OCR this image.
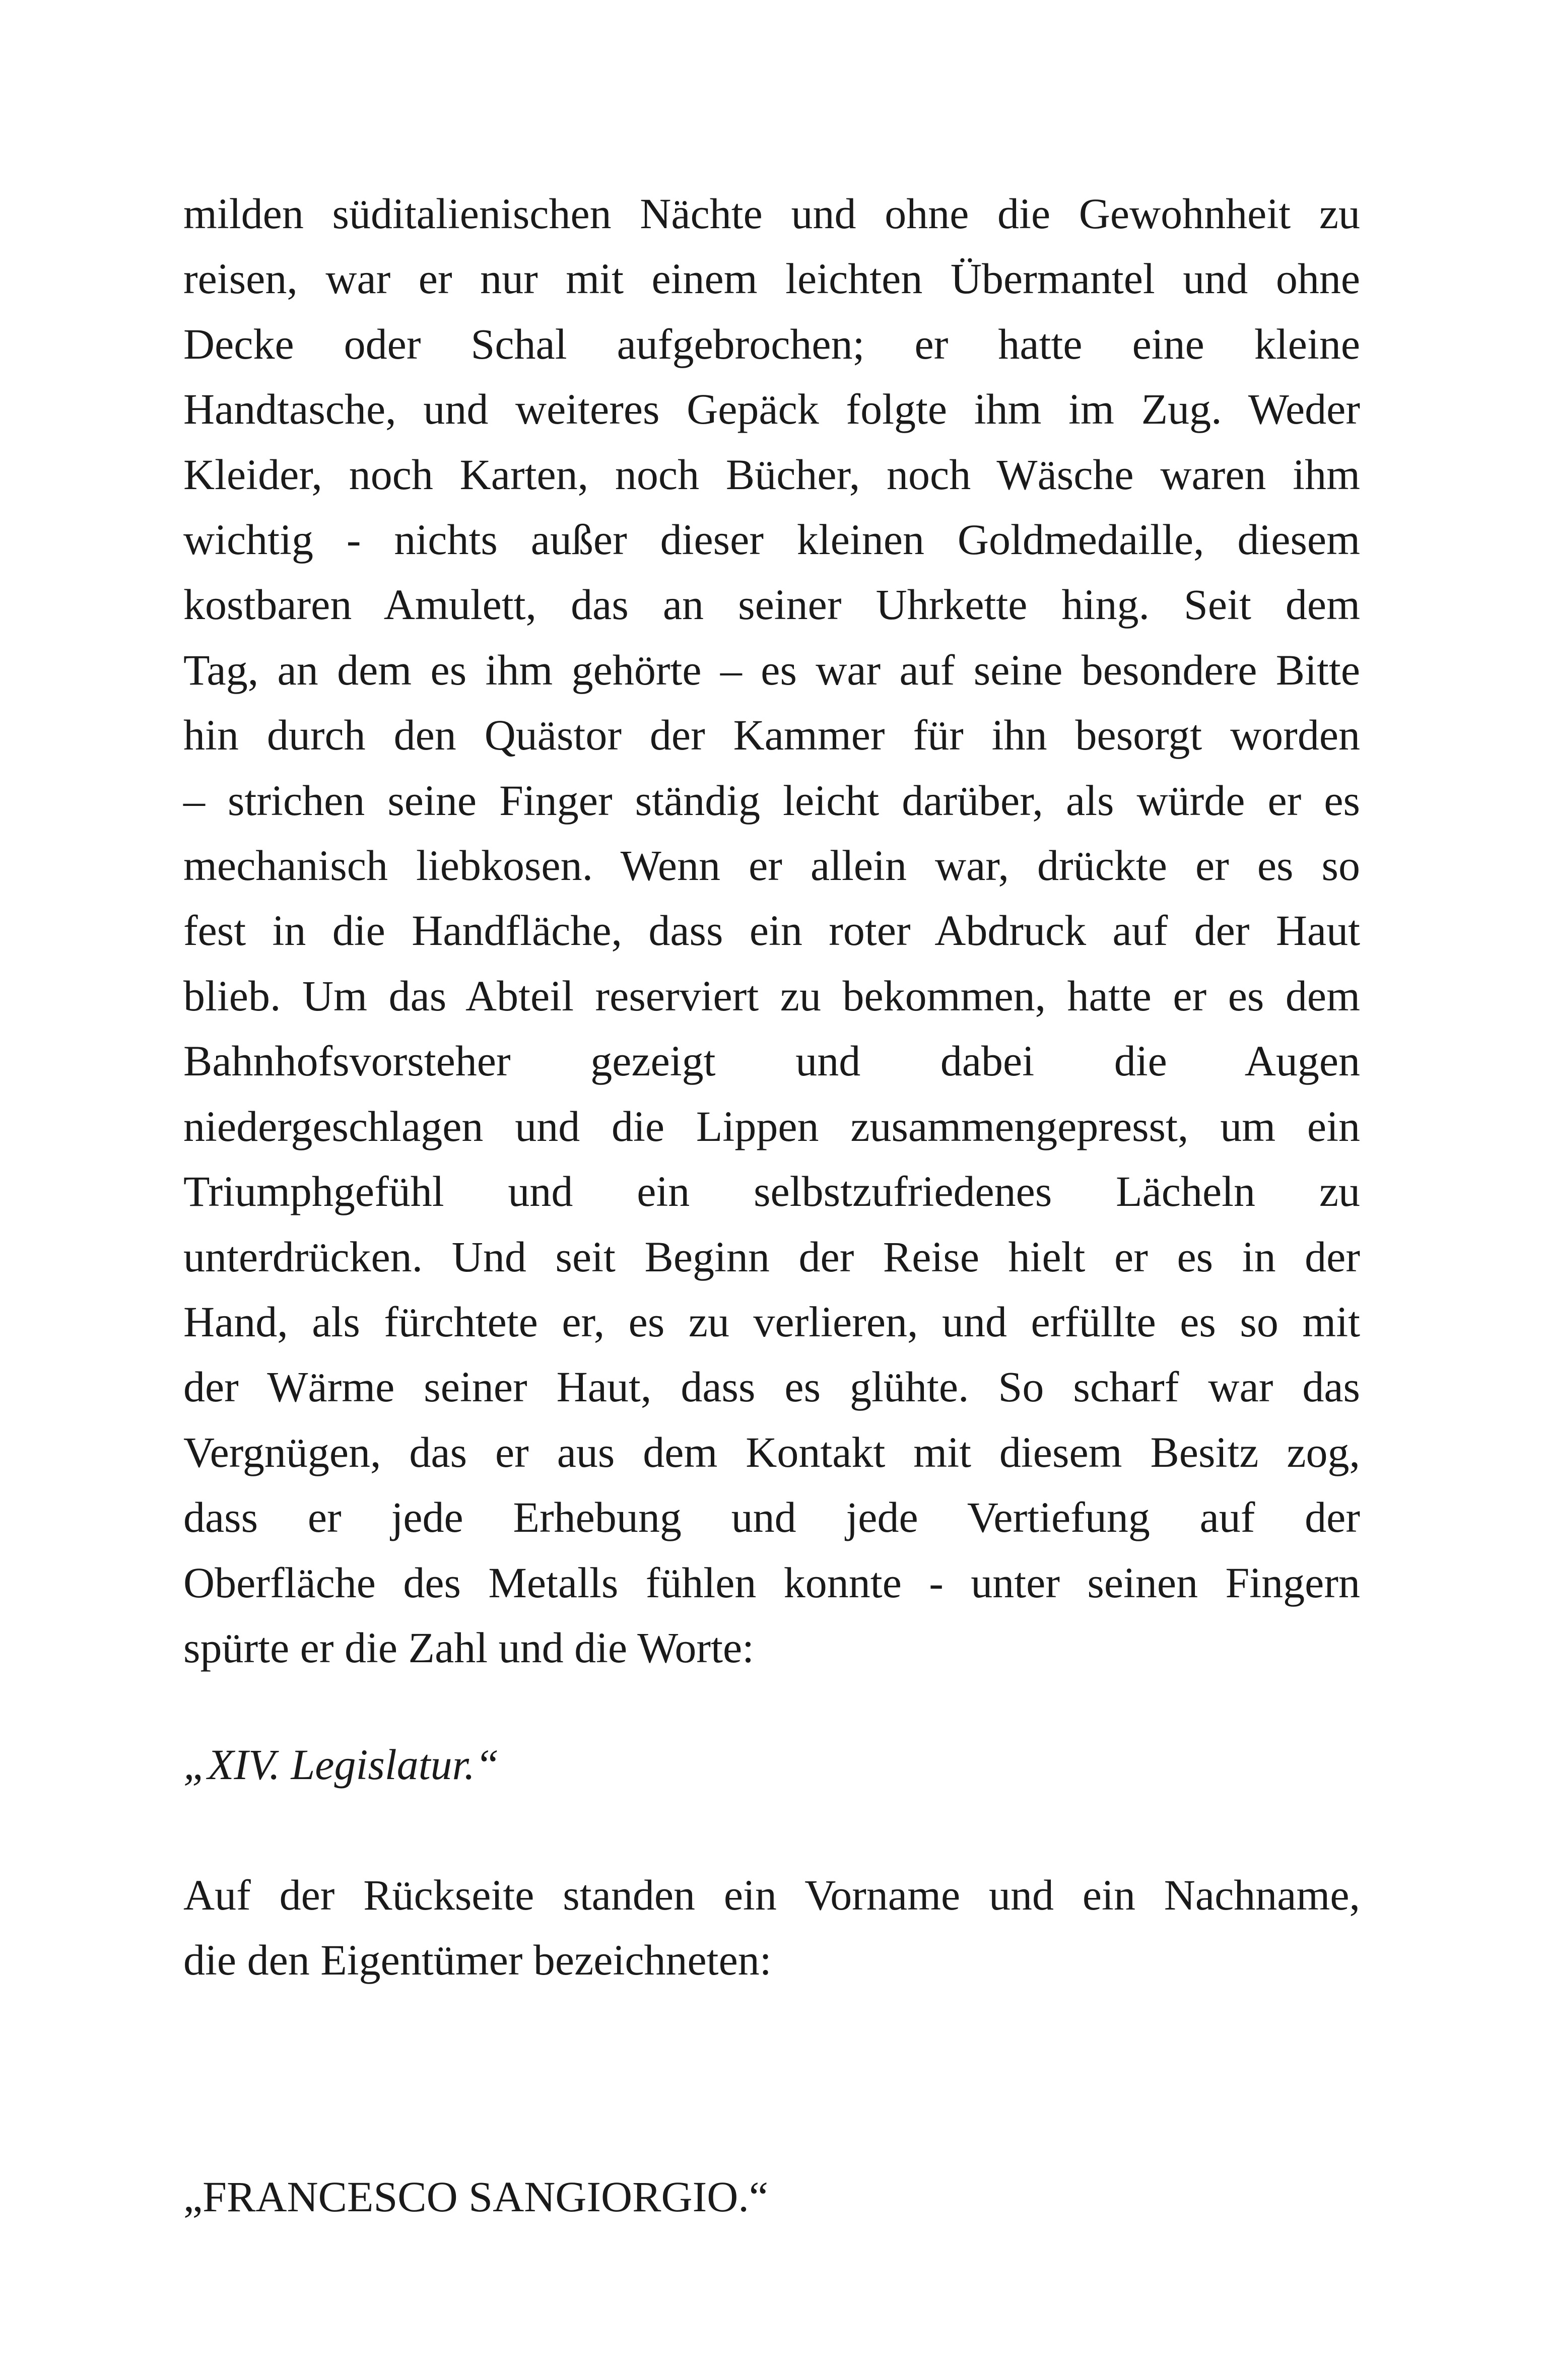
milden süditalienischen Nächte und ohne die Gewohnheit zu
reisen, war er nur mit einem leichten Übermantel und ohne
Decke oder Schal aufgebrochen; er hatte eine kleine
Handtasche, und weiteres Gepäck folgte ihm im Zug. Weder
Kleider, noch Karten, noch Bücher, noch Wäsche waren ihm
wichtig - nichts außer dieser kleinen Goldmedaille, diesem
kostbaren Amulett, das an seiner Uhrkette hing. Seit dem
Tag, an dem es ihm gehörte – es war auf seine besondere Bitte
hin durch den Quästor der Kammer für ihn besorgt worden
– strichen seine Finger ständig leicht darüber, als würde er es
mechanisch liebkosen. Wenn er allein war, drückte er es so
fest in die Handfläche, dass ein roter Abdruck auf der Haut
blieb. Um das Abteil reserviert zu bekommen, hatte er es dem
Bahnhofsvorsteher gezeigt und dabei die Augen
niedergeschlagen und die Lippen zusammengepresst, um ein
Triumphgefühl und ein selbstzufriedenes Lächeln zu
unterdrücken. Und seit Beginn der Reise hielt er es in der
Hand, als fürchtete er, es zu verlieren, und erfüllte es so mit
der Wärme seiner Haut, dass es glühte. So scharf war das
Vergnügen, das er aus dem Kontakt mit diesem Besitz zog,
dass er jede Erhebung und jede Vertiefung auf der
Oberfläche des Metalls fühlen konnte - unter seinen Fingern
spürte er die Zahl und die Worte:

„XIV. Legislatur.“

Auf der Rückseite standen ein Vorname und ein Nachname,
die den Eigentümer bezeichneten:

„FRANCESCO SANGIORGIO.“
